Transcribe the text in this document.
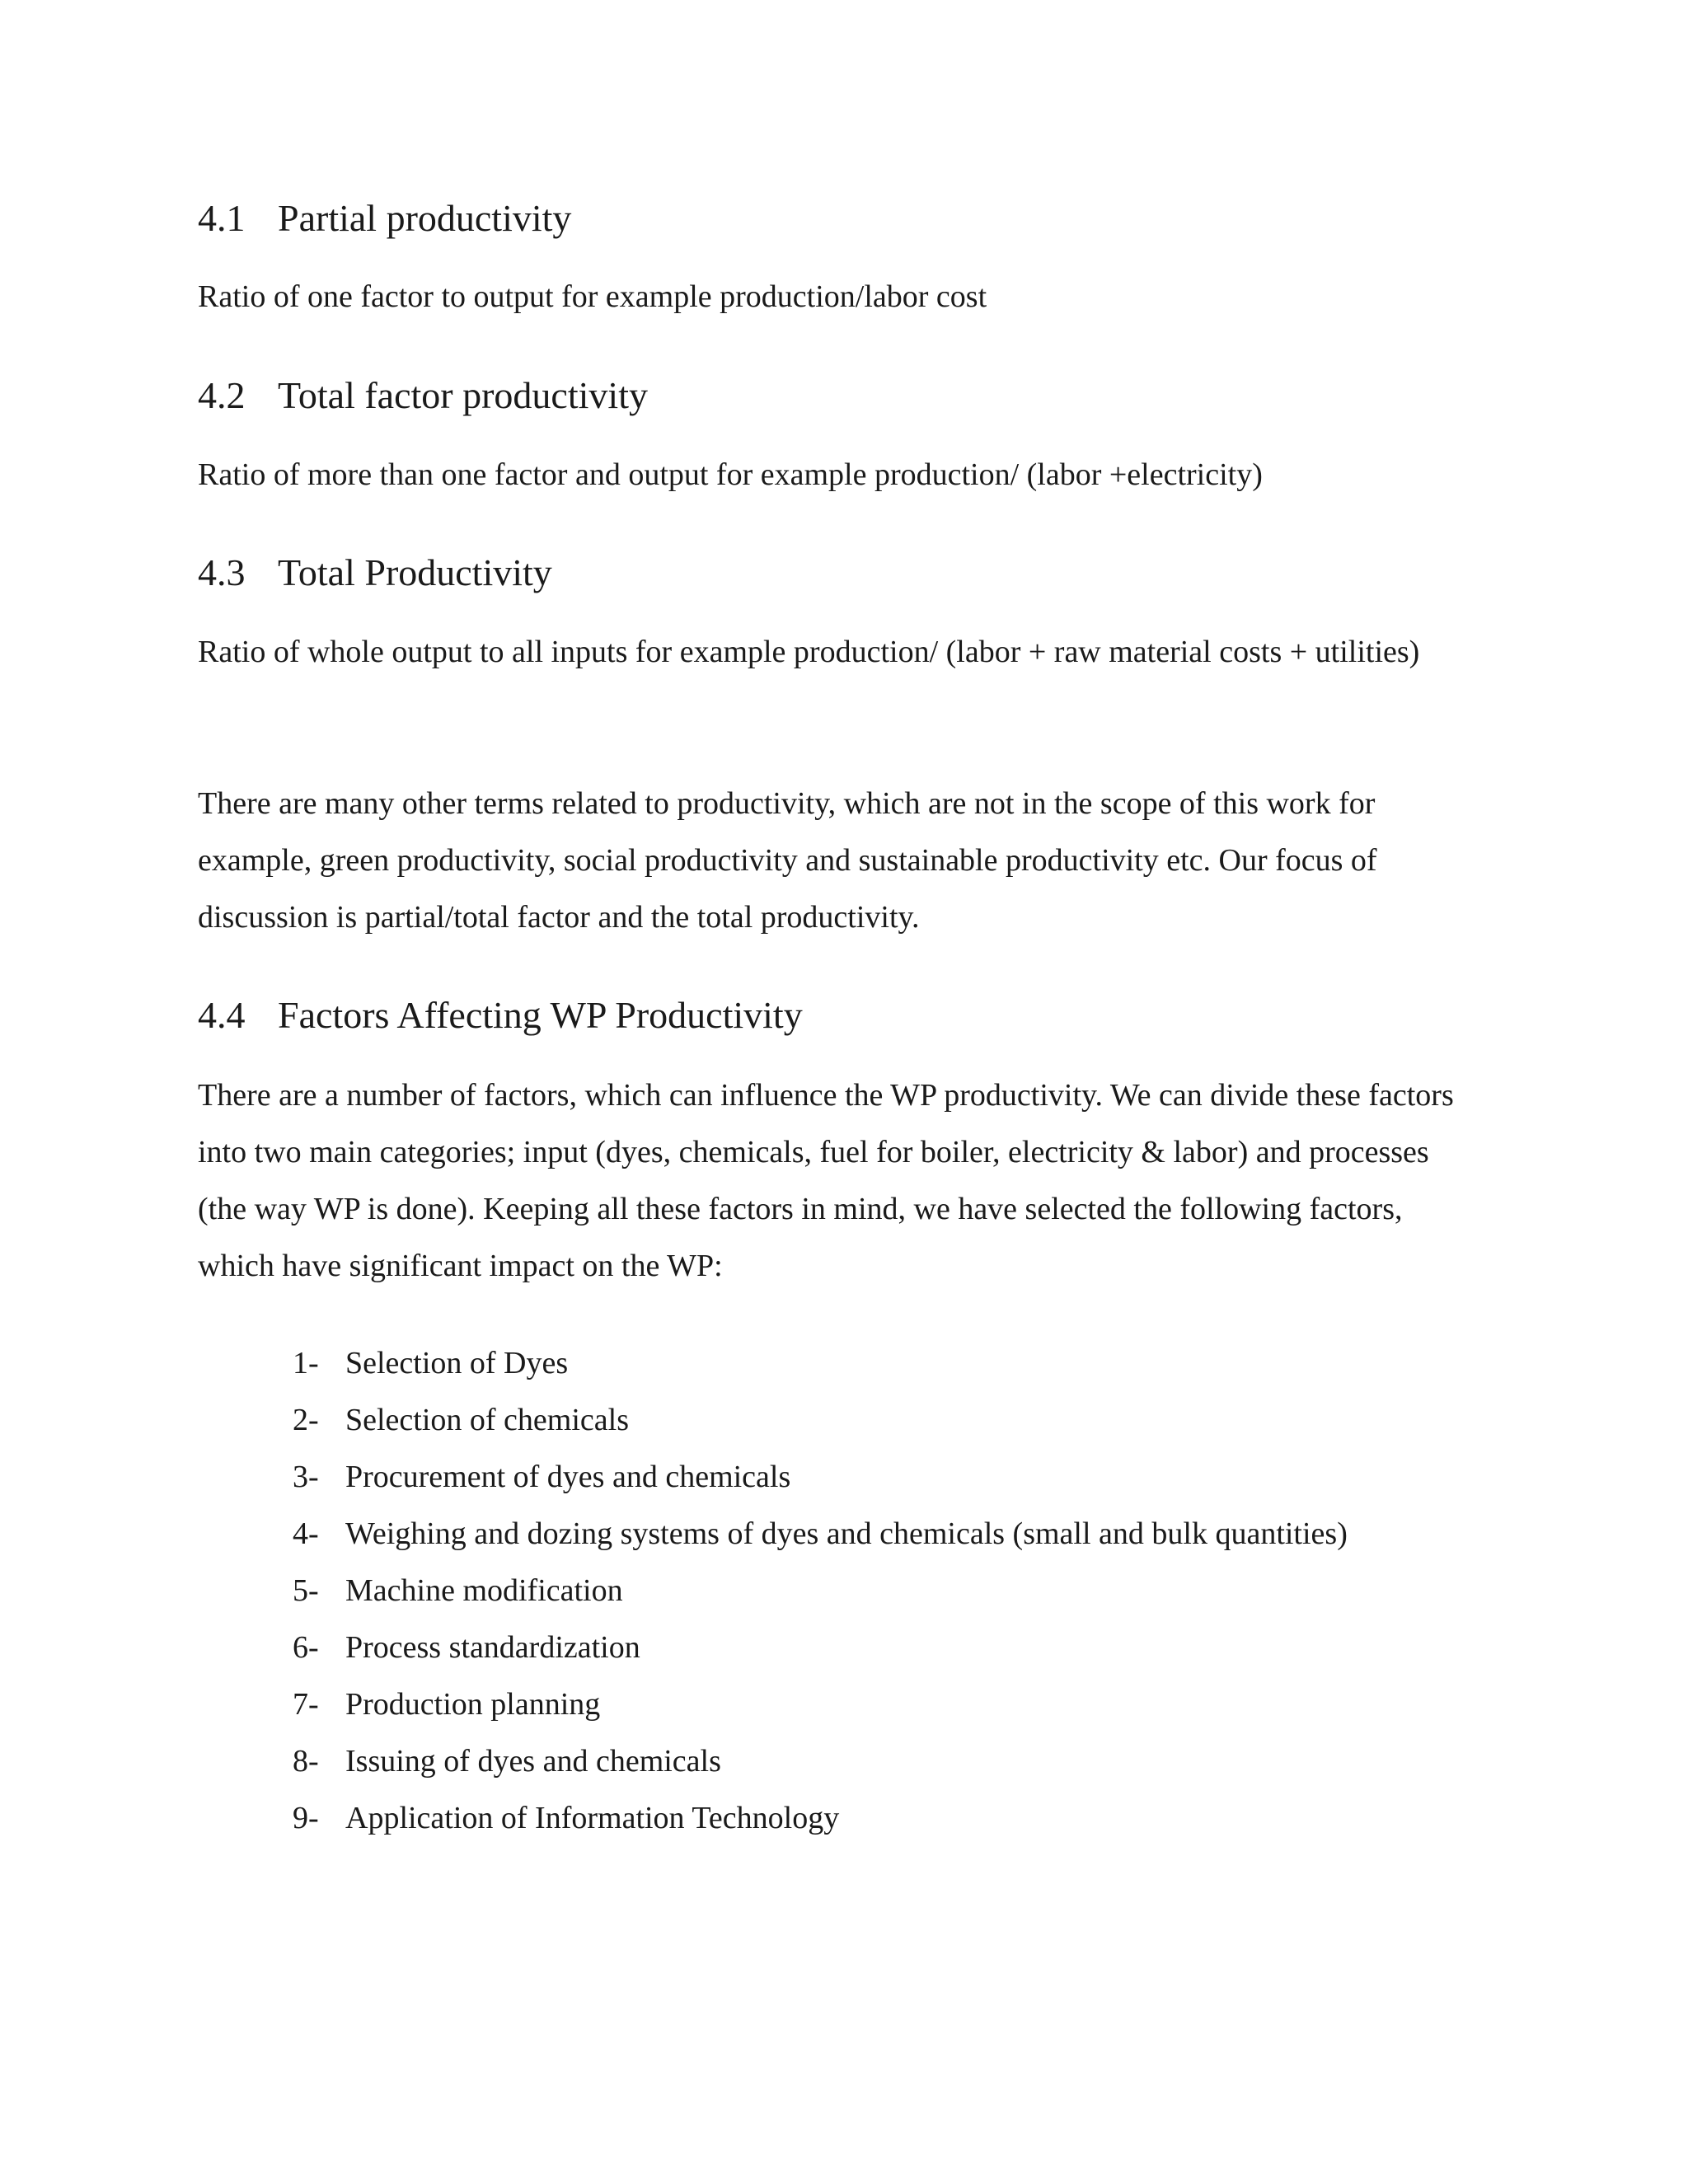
4.1 Partial productivity

Ratio of one factor to output for example production/labor cost

4.2 Total factor productivity

Ratio of more than one factor and output for example production/ (labor +electricity)

4.3 Total Productivity

Ratio of whole output to all inputs for example production/ (labor + raw material costs + utilities)

There are many other terms related to productivity, which are not in the scope of this work for example, green productivity, social productivity and sustainable productivity etc. Our focus of discussion is partial/total factor and the total productivity.

4.4 Factors Affecting WP Productivity

There are a number of factors, which can influence the WP productivity. We can divide these factors into two main categories; input (dyes, chemicals, fuel for boiler, electricity & labor) and processes (the way WP is done). Keeping all these factors in mind, we have selected the following factors, which have significant impact on the WP:

1- Selection of Dyes
2- Selection of chemicals
3- Procurement of dyes and chemicals
4- Weighing and dozing systems of dyes and chemicals (small and bulk quantities)
5- Machine modification
6- Process standardization
7- Production planning
8- Issuing of dyes and chemicals
9- Application of Information Technology
